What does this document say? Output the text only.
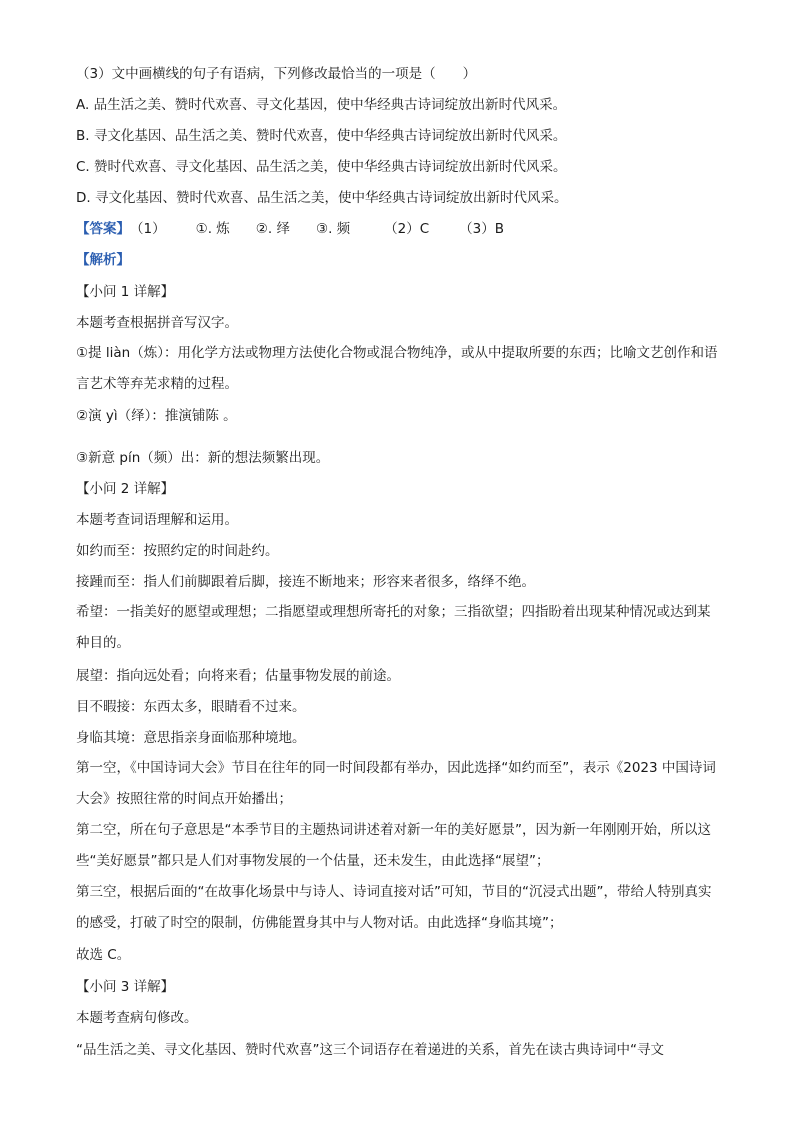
（3）文中画横线的句子有语病，下列修改最恰当的一项是（　　）
A. 品生活之美、赞时代欢喜、寻文化基因，使中华经典古诗词绽放出新时代风采。
B. 寻文化基因、品生活之美、赞时代欢喜，使中华经典古诗词绽放出新时代风采。
C. 赞时代欢喜、寻文化基因、品生活之美，使中华经典古诗词绽放出新时代风采。
D. 寻文化基因、赞时代欢喜、品生活之美，使中华经典古诗词绽放出新时代风采。
【答案】 （1） ①. 炼 ②. 绎 ③. 频	（2）C （3）B
【解析】
【小问 1 详解】
本题考查根据拼音写汉字。
①提 liàn（炼）：用化学方法或物理方法使化合物或混合物纯净，或从中提取所要的东西；比喻文艺创作和语言艺术等弃芜求精的过程。
②演 yì（绎）：推演铺陈 。
③新意 pín（频）出：新的想法频繁出现。
【小问 2 详解】
本题考查词语理解和运用。
如约而至：按照约定的时间赴约。
接踵而至：指人们前脚跟着后脚，接连不断地来；形容来者很多，络绎不绝。
希望：一指美好的愿望或理想；二指愿望或理想所寄托的对象；三指欲望；四指盼着出现某种情况或达到某种目的。
展望：指向远处看；向将来看；估量事物发展的前途。
目不暇接：东西太多，眼睛看不过来。
身临其境：意思指亲身面临那种境地。
第一空，《中国诗词大会》节目在往年的同一时间段都有举办，因此选择“如约而至”，表示《2023 中国诗词大会》按照往常的时间点开始播出；
第二空，所在句子意思是“本季节目的主题热词讲述着对新一年的美好愿景”，因为新一年刚刚开始，所以这些“美好愿景”都只是人们对事物发展的一个估量，还未发生，由此选择“展望”；
第三空，根据后面的“在故事化场景中与诗人、诗词直接对话”可知，节目的“沉浸式出题”，带给人特别真实的感受，打破了时空的限制，仿佛能置身其中与人物对话。由此选择“身临其境”；
故选 C。
【小问 3 详解】
本题考查病句修改。
“品生活之美、寻文化基因、赞时代欢喜”这三个词语存在着递进的关系，首先在读古典诗词中“寻文
